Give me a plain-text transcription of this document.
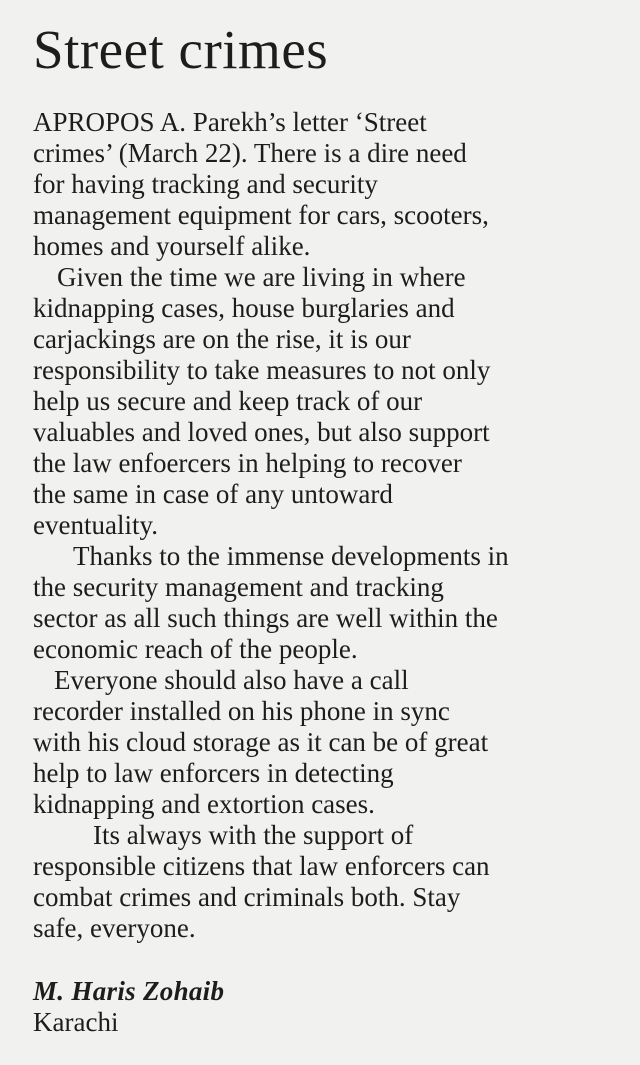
Street crimes

APROPOS A. Parekh’s letter ‘Street
crimes’ (March 22). There is a dire need
for having tracking and security
management equipment for cars, scooters,
homes and yourself alike.

Given the time we are living in where
kidnapping cases, house burglaries and
carjackings are on the rise, it is our
responsibility to take measures to not only
help us secure and keep track of our
valuables and loved ones, but also support
the law enfoercers in helping to recover
the same in case of any untoward
eventuality.

Thanks to the immense developments in
the security management and tracking
sector as all such things are well within the
economic reach of the people.

Everyone should also have a call
recorder installed on his phone in sync
with his cloud storage as it can be of great
help to law enforcers in detecting
kidnapping and extortion cases.

Its always with the support of
responsible citizens that law enforcers can
combat crimes and criminals both. Stay
safe, everyone.

M. Haris Zohaib
Karachi
